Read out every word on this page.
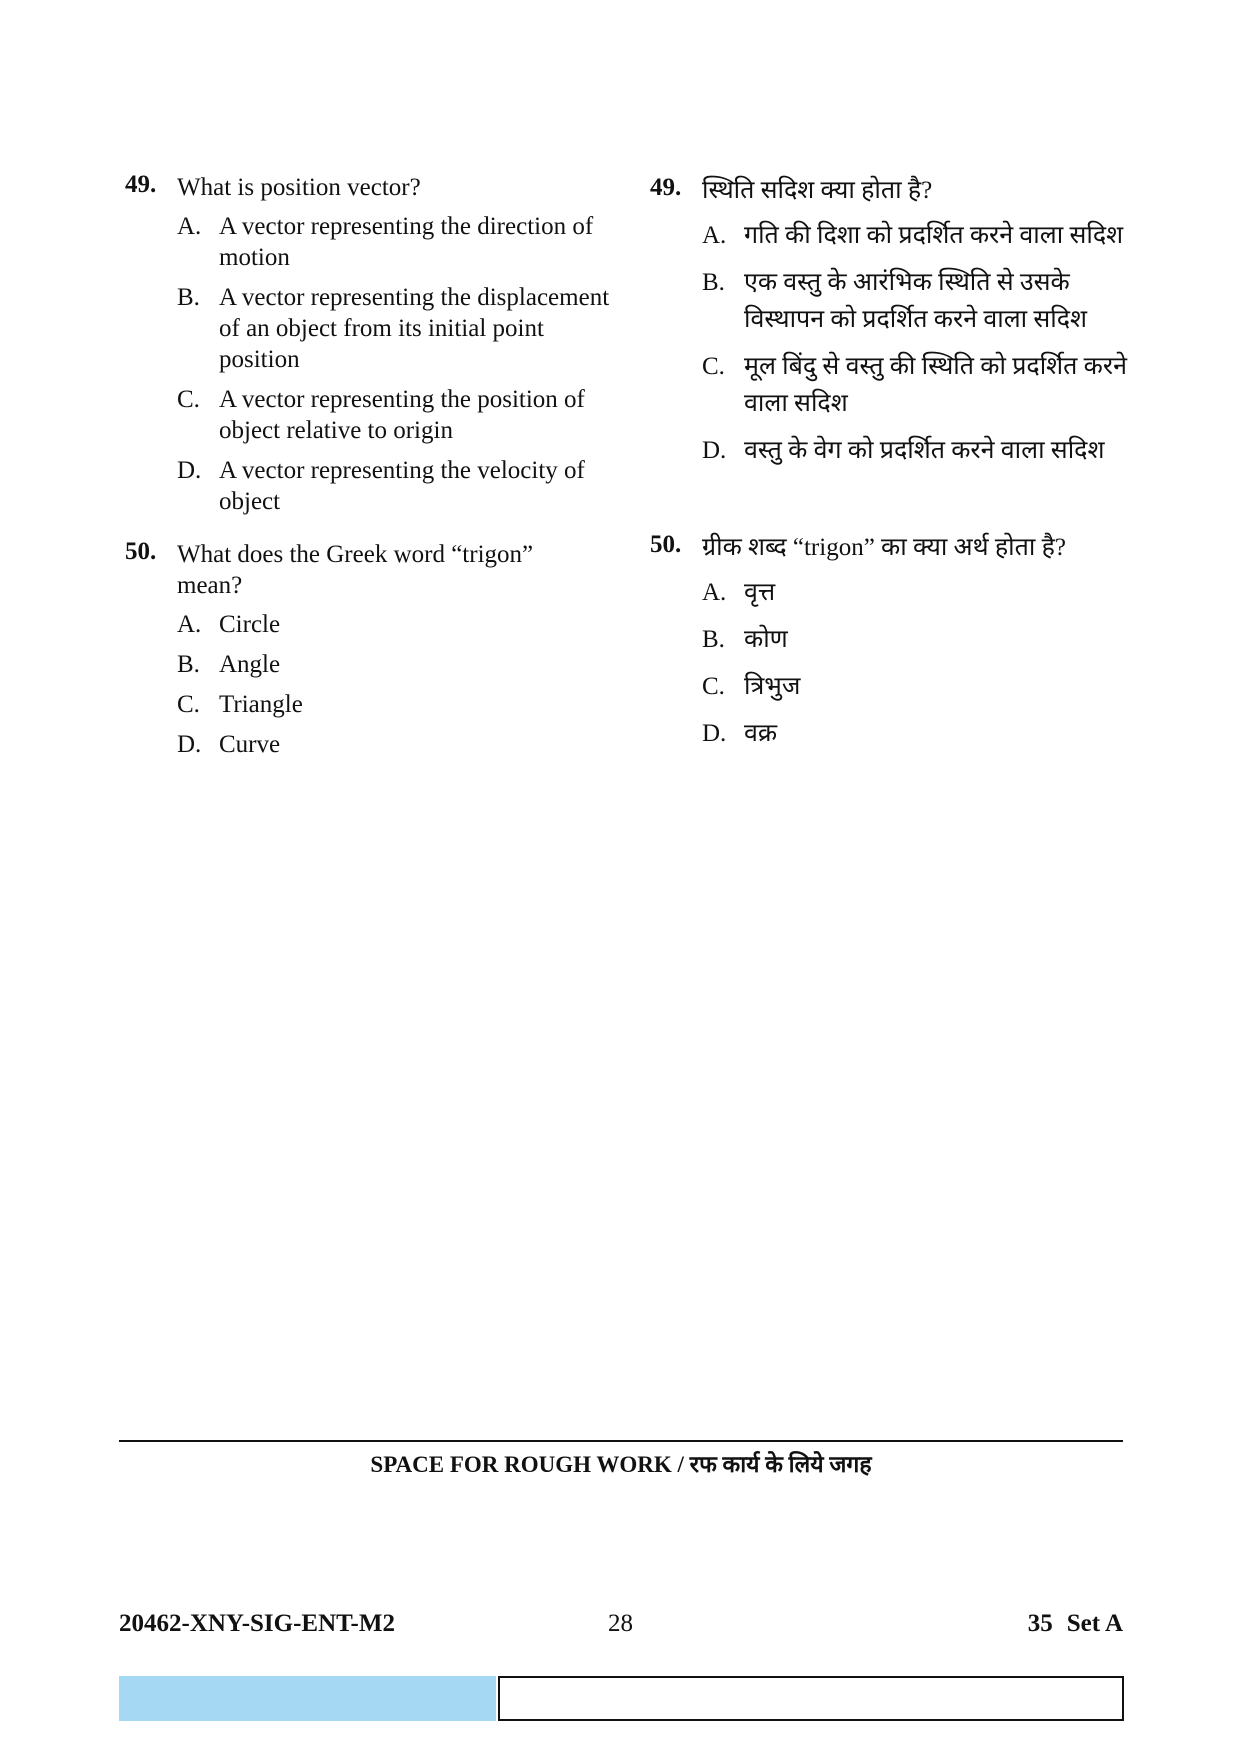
49. What is position vector?
A. A vector representing the direction of motion
B. A vector representing the displacement of an object from its initial point position
C. A vector representing the position of object relative to origin
D. A vector representing the velocity of object
50. What does the Greek word “trigon” mean?
A. Circle
B. Angle
C. Triangle
D. Curve
49. स्थिति सदिश क्या होता है?
A. गति की दिशा को प्रदर्शित करने वाला सदिश
B. एक वस्तु के आरंभिक स्थिति से उसके विस्थापन को प्रदर्शित करने वाला सदिश
C. मूल बिंदु से वस्तु की स्थिति को प्रदर्शित करने वाला सदिश
D. वस्तु के वेग को प्रदर्शित करने वाला सदिश
50. ग्रीक शब्द “trigon” का क्या अर्थ होता है?
A. वृत्त
B. कोण
C. त्रिभुज
D. वक्र
SPACE FOR ROUGH WORK / रफ कार्य के लिये जगह
20462-XNY-SIG-ENT-M2	28	35 Set A
